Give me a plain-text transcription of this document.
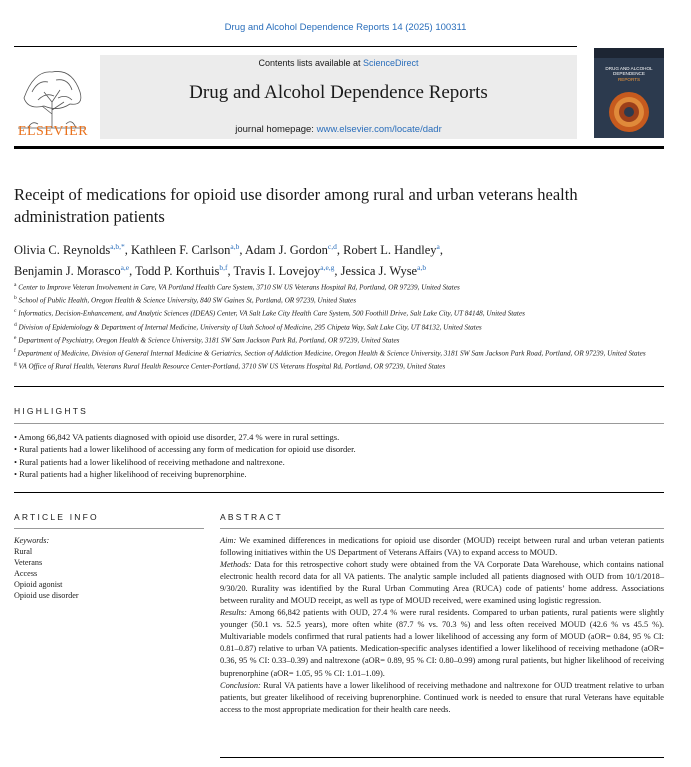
Drug and Alcohol Dependence Reports 14 (2025) 100311
ELSEVIER
Contents lists available at ScienceDirect
Drug and Alcohol Dependence Reports
journal homepage: www.elsevier.com/locate/dadr
DRUG AND ALCOHOL DEPENDENCE
REPORTS
Receipt of medications for opioid use disorder among rural and urban veterans health administration patients
Olivia C. Reynolds$^{a,b,*}$, Kathleen F. Carlson$^{a,b}$, Adam J. Gordon$^{c,d}$, Robert L. Handley$^a$,
Benjamin J. Morasco$^{a,e}$, Todd P. Korthuis$^{b,f}$, Travis I. Lovejoy$^{a,e,g}$, Jessica J. Wyse$^{a,b}$
$^a$ Center to Improve Veteran Involvement in Care, VA Portland Health Care System, 3710 SW US Veterans Hospital Rd, Portland, OR 97239, United States
$^b$ School of Public Health, Oregon Health & Science University, 840 SW Gaines St, Portland, OR 97239, United States
$^c$ Informatics, Decision-Enhancement, and Analytic Sciences (IDEAS) Center, VA Salt Lake City Health Care System, 500 Foothill Drive, Salt Lake City, UT 84148, United States
$^d$ Division of Epidemiology & Department of Internal Medicine, University of Utah School of Medicine, 295 Chipeta Way, Salt Lake City, UT 84132, United States
$^e$ Department of Psychiatry, Oregon Health & Science University, 3181 SW Sam Jackson Park Rd, Portland, OR 97239, United States
$^f$ Department of Medicine, Division of General Internal Medicine & Geriatrics, Section of Addiction Medicine, Oregon Health & Science University, 3181 SW Sam Jackson Park Road, Portland, OR 97239, United States
$^g$ VA Office of Rural Health, Veterans Rural Health Resource Center-Portland, 3710 SW US Veterans Hospital Rd, Portland, OR 97239, United States
HIGHLIGHTS
• Among 66,842 VA patients diagnosed with opioid use disorder, 27.4 % were in rural settings.
• Rural patients had a lower likelihood of accessing any form of medication for opioid use disorder.
• Rural patients had a lower likelihood of receiving methadone and naltrexone.
• Rural patients had a higher likelihood of receiving buprenorphine.
ARTICLE INFO
Keywords:
Rural
Veterans
Access
Opioid agonist
Opioid use disorder
ABSTRACT

Aim: We examined differences in medications for opioid use disorder (MOUD) receipt between rural and urban veteran patients following initiatives within the US Department of Veterans Affairs (VA) to expand access to MOUD.

Methods: Data for this retrospective cohort study were obtained from the VA Corporate Data Warehouse, which contains national electronic health record data for all VA patients. The analytic sample included all patients diagnosed with OUD from 10/1/2018–9/30/20. Rurality was identified by the Rural Urban Commuting Area (RUCA) code of patients’ home address. Associations between rurality and MOUD receipt, as well as type of MOUD received, were examined using logistic regression.

Results: Among 66,842 patients with OUD, 27.4 % were rural residents. Compared to urban patients, rural patients were slightly younger (50.1 vs. 52.5 years), more often white (87.7 % vs. 70.3 %) and less often received MOUD (42.6 % vs 45.5 %). Multivariable models confirmed that rural patients had a lower likelihood of accessing any form of MOUD (aOR= 0.84, 95 % CI: 0.81–0.87) relative to urban VA patients. Medication-specific analyses identified a lower likelihood of receiving methadone (aOR= 0.36, 95 % CI: 0.33–0.39) and naltrexone (aOR= 0.89, 95 % CI: 0.80–0.99) among rural patients, but higher likelihood of receiving buprenorphine (aOR= 1.05, 95 % CI: 1.01–1.09).

Conclusion: Rural VA patients have a lower likelihood of receiving methadone and naltrexone for OUD treatment relative to urban patients, but greater likelihood of receiving buprenorphine. Continued work is needed to ensure that rural Veterans have equitable access to the most appropriate medication for their health care needs.
